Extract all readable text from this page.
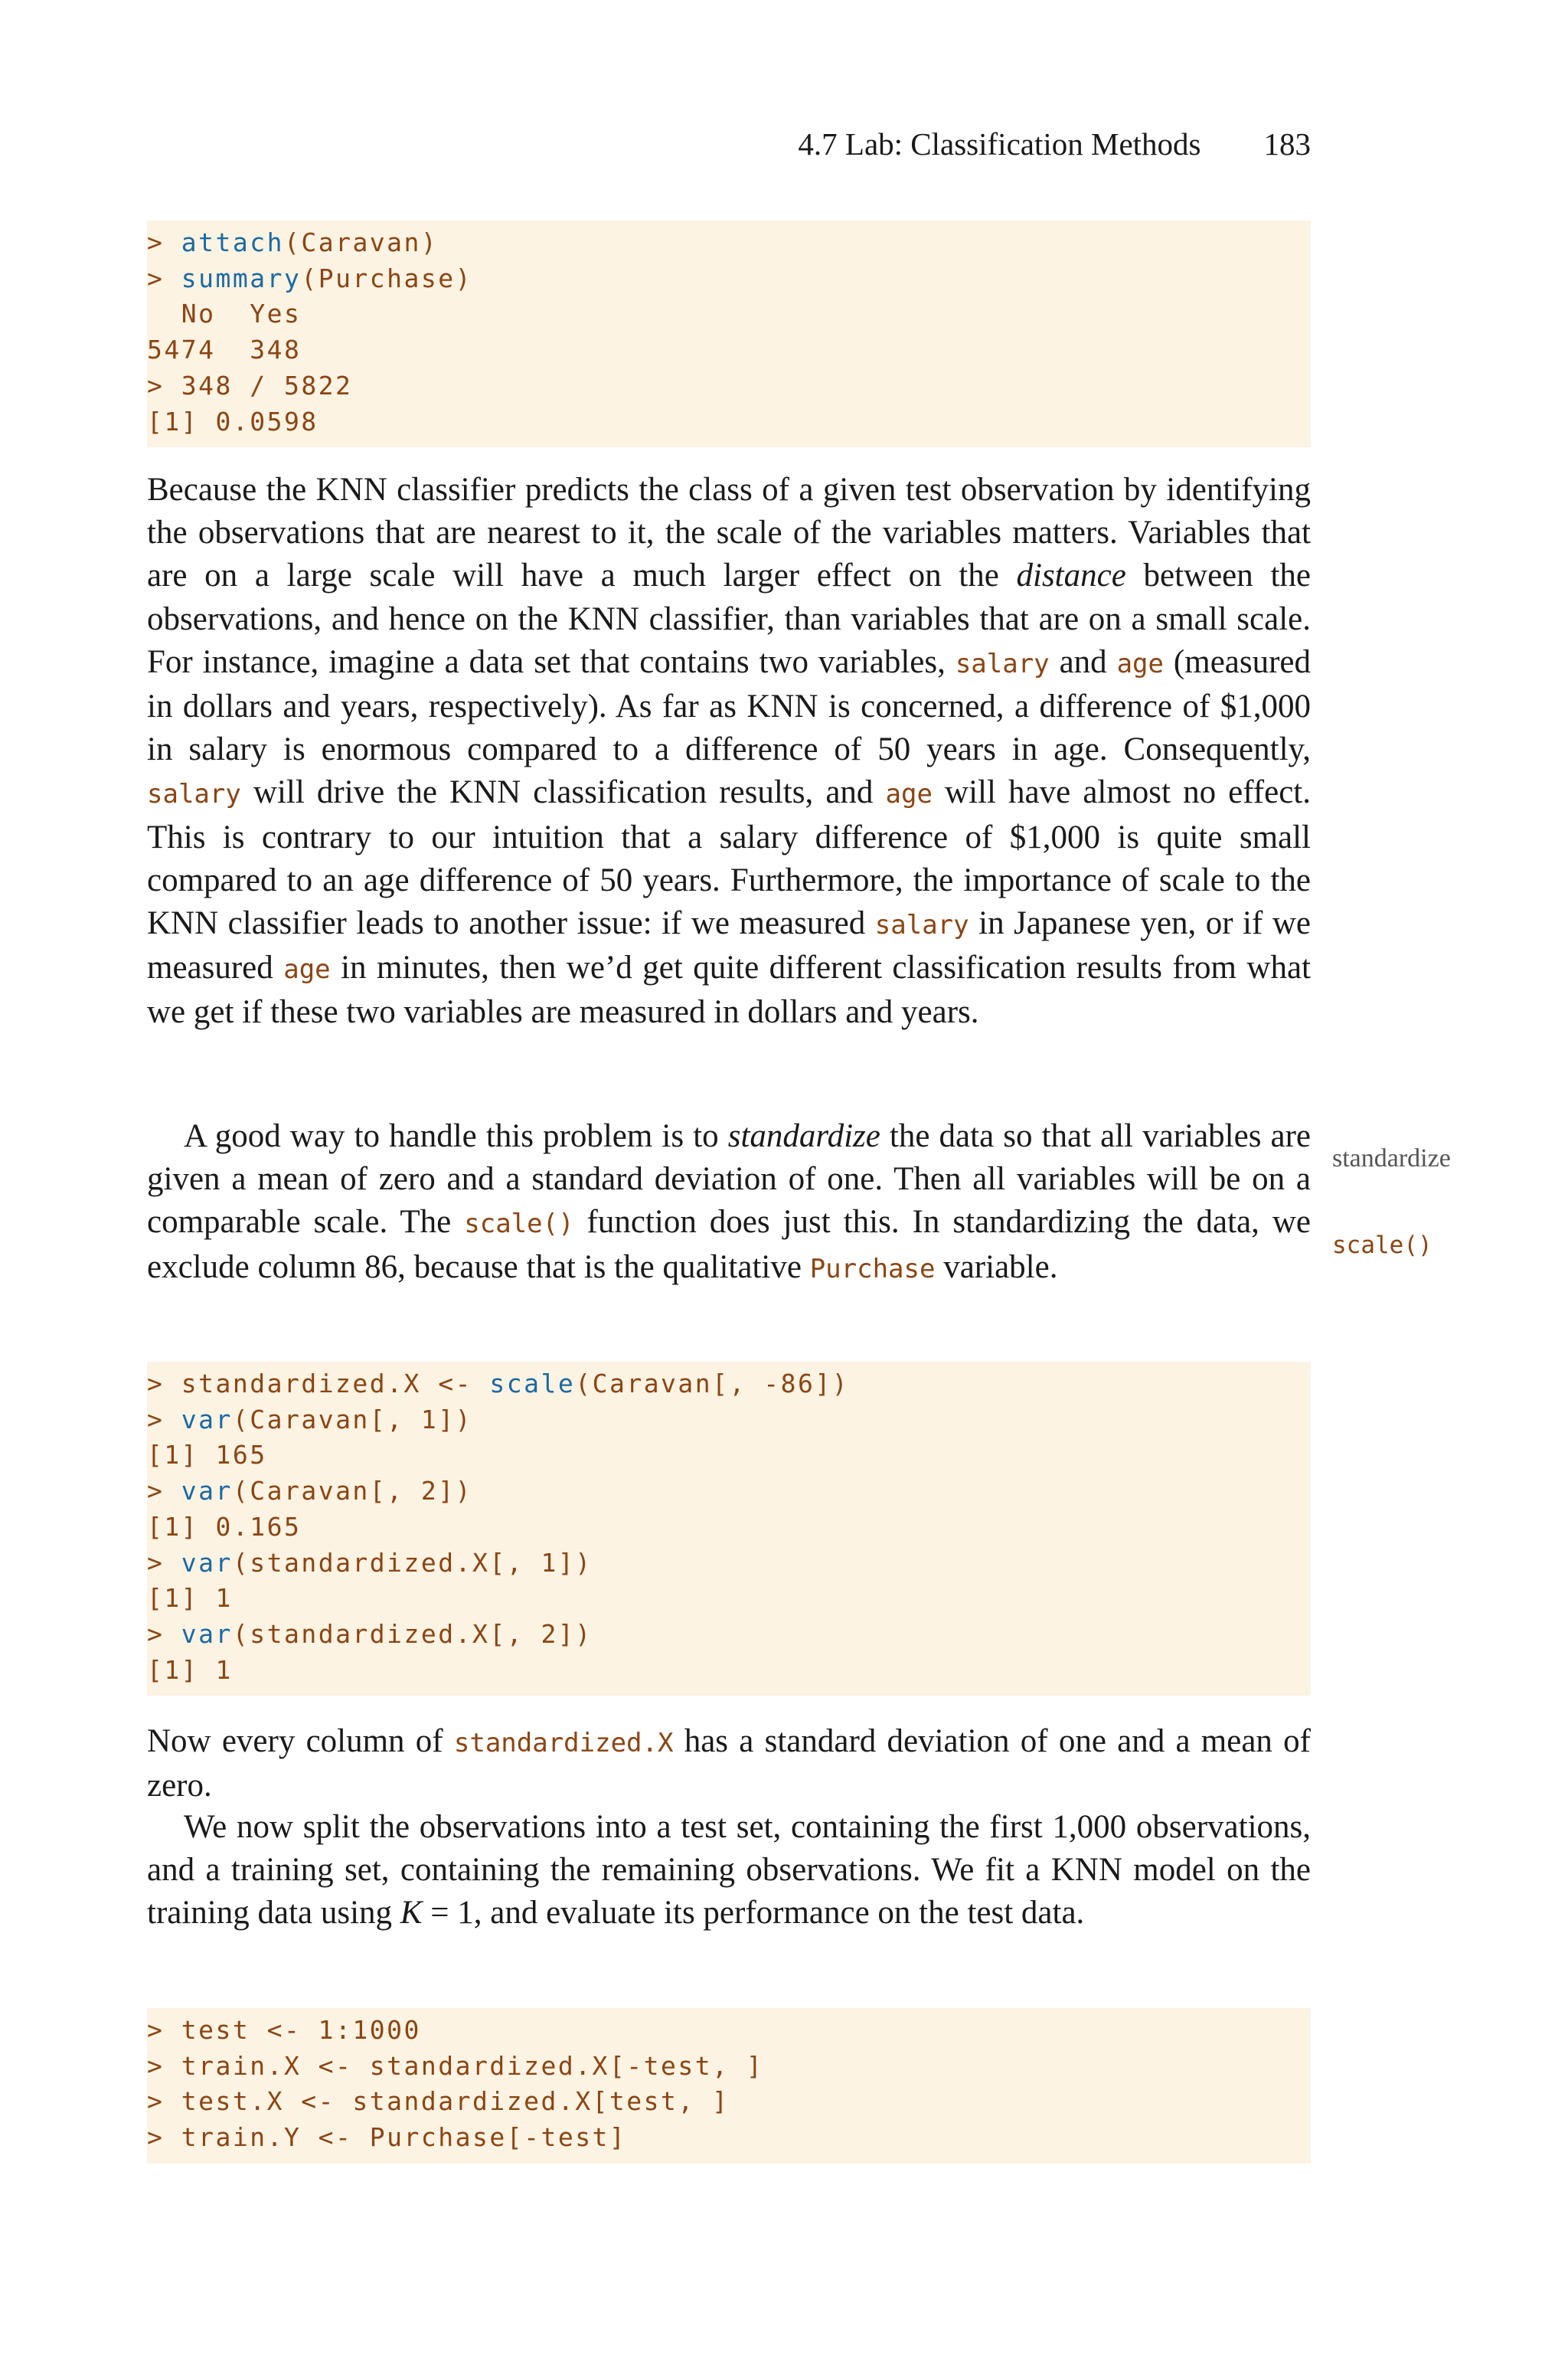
4.7 Lab: Classification Methods 183
> attach(Caravan)
> summary(Purchase)
No  Yes
5474  348
> 348 / 5822
[1] 0.0598

Because the KNN classifier predicts the class of a given test observation by identifying the observations that are nearest to it, the scale of the variables matters. Variables that are on a large scale will have a much larger effect on the distance between the observations, and hence on the KNN classifier, than variables that are on a small scale. For instance, imagine a data set that contains two variables, salary and age (measured in dollars and years, respectively). As far as KNN is concerned, a difference of $1,000 in salary is enormous compared to a difference of 50 years in age. Consequently, salary will drive the KNN classification results, and age will have almost no effect. This is contrary to our intuition that a salary difference of $1,000 is quite small compared to an age difference of 50 years. Furthermore, the importance of scale to the KNN classifier leads to another issue: if we measured salary in Japanese yen, or if we measured age in minutes, then we’d get quite different classification results from what we get if these two variables are measured in dollars and years.

A good way to handle this problem is to standardize the data so that all variables are given a mean of zero and a standard deviation of one. Then all variables will be on a comparable scale. The scale() function does just this. In standardizing the data, we exclude column 86, because that is the qualitative Purchase variable.

standardize
scale()
> standardized.X <- scale(Caravan[, -86])
> var(Caravan[, 1])
[1] 165
> var(Caravan[, 2])
[1] 0.165
> var(standardized.X[, 1])
[1] 1
> var(standardized.X[, 2])
[1] 1

Now every column of standardized.X has a standard deviation of one and a mean of zero.

We now split the observations into a test set, containing the first 1,000 observations, and a training set, containing the remaining observations. We fit a KNN model on the training data using K = 1, and evaluate its performance on the test data.

> test <- 1:1000
> train.X <- standardized.X[-test, ]
> test.X <- standardized.X[test, ]
> train.Y <- Purchase[-test]
